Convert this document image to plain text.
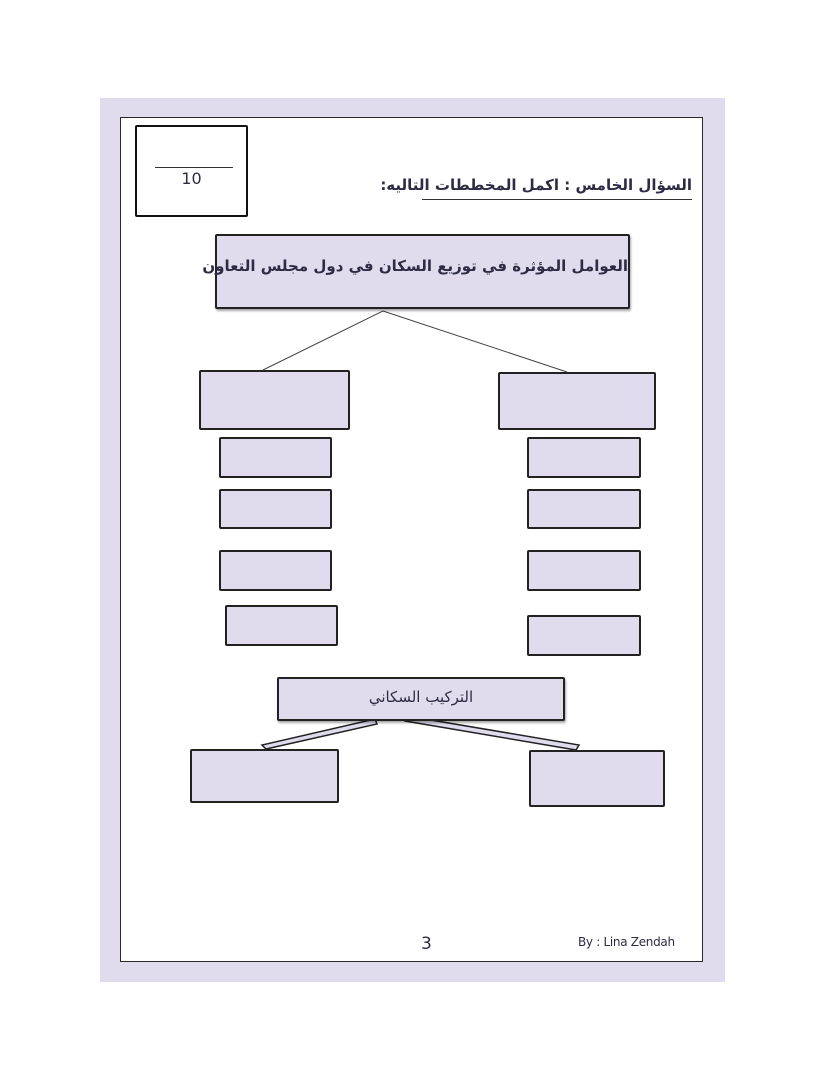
10	السؤال الخامس : اكمل المخططات التاليه:
العوامل المؤثرة في توزيع السكان في دول مجلس التعاون
التركيب السكاني
3	By : Lina Zendah
